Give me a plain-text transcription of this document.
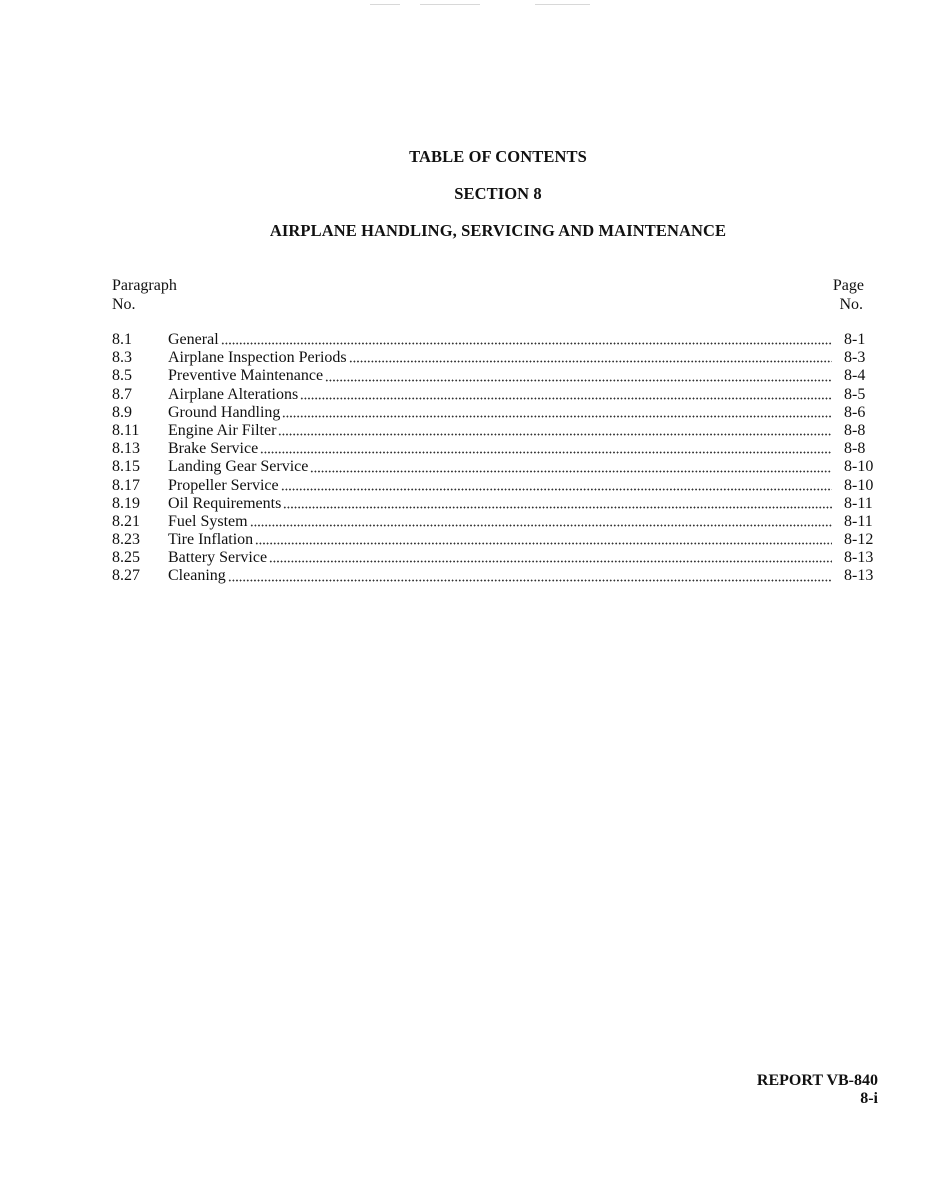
TABLE OF CONTENTS
SECTION 8
AIRPLANE HANDLING, SERVICING AND MAINTENANCE
Paragraph
No.
Page
No.
8.1	General	8-1
8.3	Airplane Inspection Periods	8-3
8.5	Preventive Maintenance	8-4
8.7	Airplane Alterations	8-5
8.9	Ground Handling	8-6
8.11	Engine Air Filter	8-8
8.13	Brake Service	8-8
8.15	Landing Gear Service	8-10
8.17	Propeller Service	8-10
8.19	Oil Requirements	8-11
8.21	Fuel System	8-11
8.23	Tire Inflation	8-12
8.25	Battery Service	8-13
8.27	Cleaning	8-13
REPORT VB-840
8-i
